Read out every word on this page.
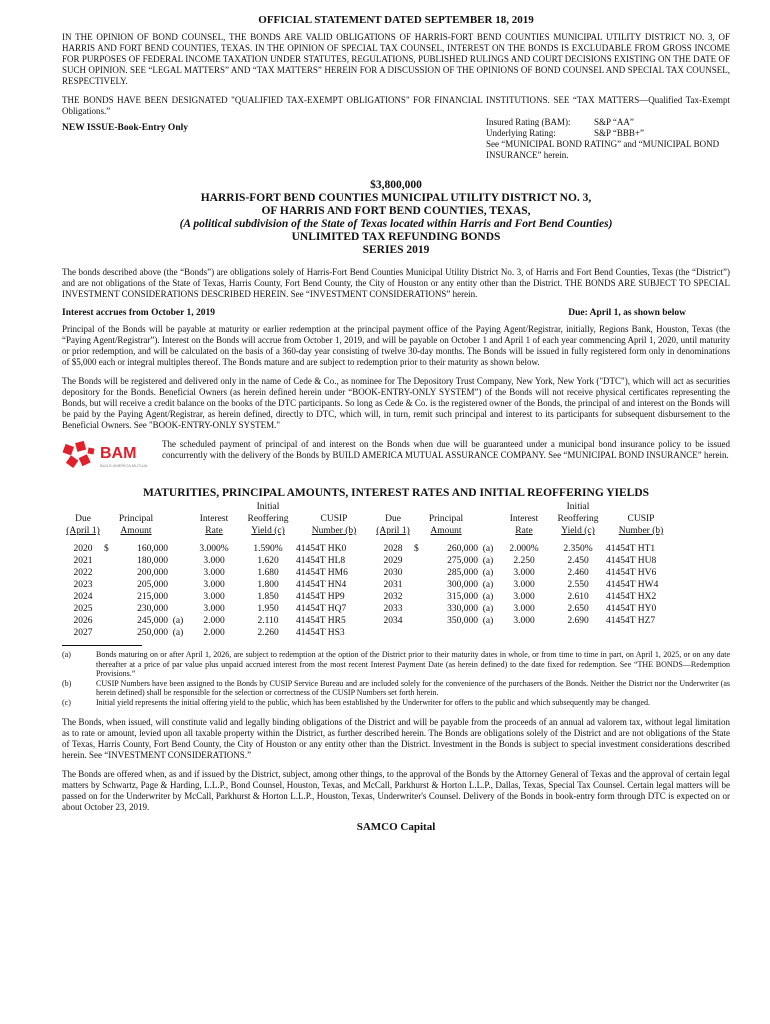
OFFICIAL STATEMENT DATED SEPTEMBER 18, 2019

IN THE OPINION OF BOND COUNSEL, THE BONDS ARE VALID OBLIGATIONS OF HARRIS-FORT BEND COUNTIES MUNICIPAL UTILITY DISTRICT NO. 3, OF HARRIS AND FORT BEND COUNTIES, TEXAS. IN THE OPINION OF SPECIAL TAX COUNSEL, INTEREST ON THE BONDS IS EXCLUDABLE FROM GROSS INCOME FOR PURPOSES OF FEDERAL INCOME TAXATION UNDER STATUTES, REGULATIONS, PUBLISHED RULINGS AND COURT DECISIONS EXISTING ON THE DATE OF SUCH OPINION. SEE “LEGAL MATTERS” AND “TAX MATTERS” HEREIN FOR A DISCUSSION OF THE OPINIONS OF BOND COUNSEL AND SPECIAL TAX COUNSEL, RESPECTIVELY.

THE BONDS HAVE BEEN DESIGNATED "QUALIFIED TAX-EXEMPT OBLIGATIONS" FOR FINANCIAL INSTITUTIONS. SEE “TAX MATTERS—Qualified Tax-Exempt Obligations.”

NEW ISSUE-Book-Entry Only
Insured Rating (BAM):	S&P “AA”
Underlying Rating:	S&P “BBB+”
See “MUNICIPAL BOND RATING” and “MUNICIPAL BOND INSURANCE” herein.
$3,800,000
HARRIS-FORT BEND COUNTIES MUNICIPAL UTILITY DISTRICT NO. 3,
OF HARRIS AND FORT BEND COUNTIES, TEXAS,
(A political subdivision of the State of Texas located within Harris and Fort Bend Counties)
UNLIMITED TAX REFUNDING BONDS
SERIES 2019

The bonds described above (the “Bonds”) are obligations solely of Harris-Fort Bend Counties Municipal Utility District No. 3, of Harris and Fort Bend Counties, Texas (the “District”) and are not obligations of the State of Texas, Harris County, Fort Bend County, the City of Houston or any entity other than the District. THE BONDS ARE SUBJECT TO SPECIAL INVESTMENT CONSIDERATIONS DESCRIBED HEREIN. See “INVESTMENT CONSIDERATIONS” herein.

Interest accrues from October 1, 2019	Due: April 1, as shown below

Principal of the Bonds will be payable at maturity or earlier redemption at the principal payment office of the Paying Agent/Registrar, initially, Regions Bank, Houston, Texas (the “Paying Agent/Registrar”). Interest on the Bonds will accrue from October 1, 2019, and will be payable on October 1 and April 1 of each year commencing April 1, 2020, until maturity or prior redemption, and will be calculated on the basis of a 360-day year consisting of twelve 30-day months. The Bonds will be issued in fully registered form only in denominations of $5,000 each or integral multiples thereof. The Bonds mature and are subject to redemption prior to their maturity as shown below.

The Bonds will be registered and delivered only in the name of Cede & Co., as nominee for The Depository Trust Company, New York, New York ("DTC"), which will act as securities depository for the Bonds. Beneficial Owners (as herein defined herein under “BOOK-ENTRY-ONLY SYSTEM”) of the Bonds will not receive physical certificates representing the Bonds, but will receive a credit balance on the books of the DTC participants. So long as Cede & Co. is the registered owner of the Bonds, the principal of and interest on the Bonds will be paid by the Paying Agent/Registrar, as herein defined, directly to DTC, which will, in turn, remit such principal and interest to its participants for subsequent disbursement to the Beneficial Owners. See "BOOK-ENTRY-ONLY SYSTEM."

BAM
BUILD AMERICA MUTUAL
The scheduled payment of principal of and interest on the Bonds when due will be guaranteed under a municipal bond insurance policy to be issued concurrently with the delivery of the Bonds by BUILD AMERICA MUTUAL ASSURANCE COMPANY. See “MUNICIPAL BOND INSURANCE” herein.
MATURITIES, PRINCIPAL AMOUNTS, INTEREST RATES AND INITIAL REOFFERING YIELDS
					Initial							Initial	
Due	Principal			Interest	Reoffering	CUSIP	Due	Principal			Interest	Reoffering	CUSIP
(April 1)	Amount			Rate	Yield (c)	Number (b)	(April 1)	Amount			Rate	Yield (c)	Number (b)

2020	$	160,000		3.000%	1.590%	41454T HK0	2028	$	260,000	(a)	2.000%	2.350%	41454T HT1
2021		180,000		3.000	1.620	41454T HL8	2029		275,000	(a)	2.250	2.450	41454T HU8
2022		200,000		3.000	1.680	41454T HM6	2030		285,000	(a)	3.000	2.460	41454T HV6
2023		205,000		3.000	1.800	41454T HN4	2031		300,000	(a)	3.000	2.550	41454T HW4
2024		215,000		3.000	1.850	41454T HP9	2032		315,000	(a)	3.000	2.610	41454T HX2
2025		230,000		3.000	1.950	41454T HQ7	2033		330,000	(a)	3.000	2.650	41454T HY0
2026		245,000	(a)	2.000	2.110	41454T HR5	2034		350,000	(a)	3.000	2.690	41454T HZ7
2027		250,000	(a)	2.000	2.260	41454T HS3							
(a)	Bonds maturing on or after April 1, 2026, are subject to redemption at the option of the District prior to their maturity dates in whole, or from time to time in part, on April 1, 2025, or on any date thereafter at a price of par value plus unpaid accrued interest from the most recent Interest Payment Date (as herein defined) to the date fixed for redemption. See “THE BONDS—Redemption Provisions.”
(b)	CUSIP Numbers have been assigned to the Bonds by CUSIP Service Bureau and are included solely for the convenience of the purchasers of the Bonds. Neither the District nor the Underwriter (as herein defined) shall be responsible for the selection or correctness of the CUSIP Numbers set forth herein.
(c)	Initial yield represents the initial offering yield to the public, which has been established by the Underwriter for offers to the public and which subsequently may be changed.

The Bonds, when issued, will constitute valid and legally binding obligations of the District and will be payable from the proceeds of an annual ad valorem tax, without legal limitation as to rate or amount, levied upon all taxable property within the District, as further described herein. The Bonds are obligations solely of the District and are not obligations of the State of Texas, Harris County, Fort Bend County, the City of Houston or any entity other than the District. Investment in the Bonds is subject to special investment considerations described herein. See “INVESTMENT CONSIDERATIONS.”

The Bonds are offered when, as and if issued by the District, subject, among other things, to the approval of the Bonds by the Attorney General of Texas and the approval of certain legal matters by Schwartz, Page & Harding, L.L.P., Bond Counsel, Houston, Texas, and McCall, Parkhurst & Horton L.L.P., Dallas, Texas, Special Tax Counsel. Certain legal matters will be passed on for the Underwriter by McCall, Parkhurst & Horton L.L.P., Houston, Texas, Underwriter's Counsel. Delivery of the Bonds in book-entry form through DTC is expected on or about October 23, 2019.

SAMCO Capital
